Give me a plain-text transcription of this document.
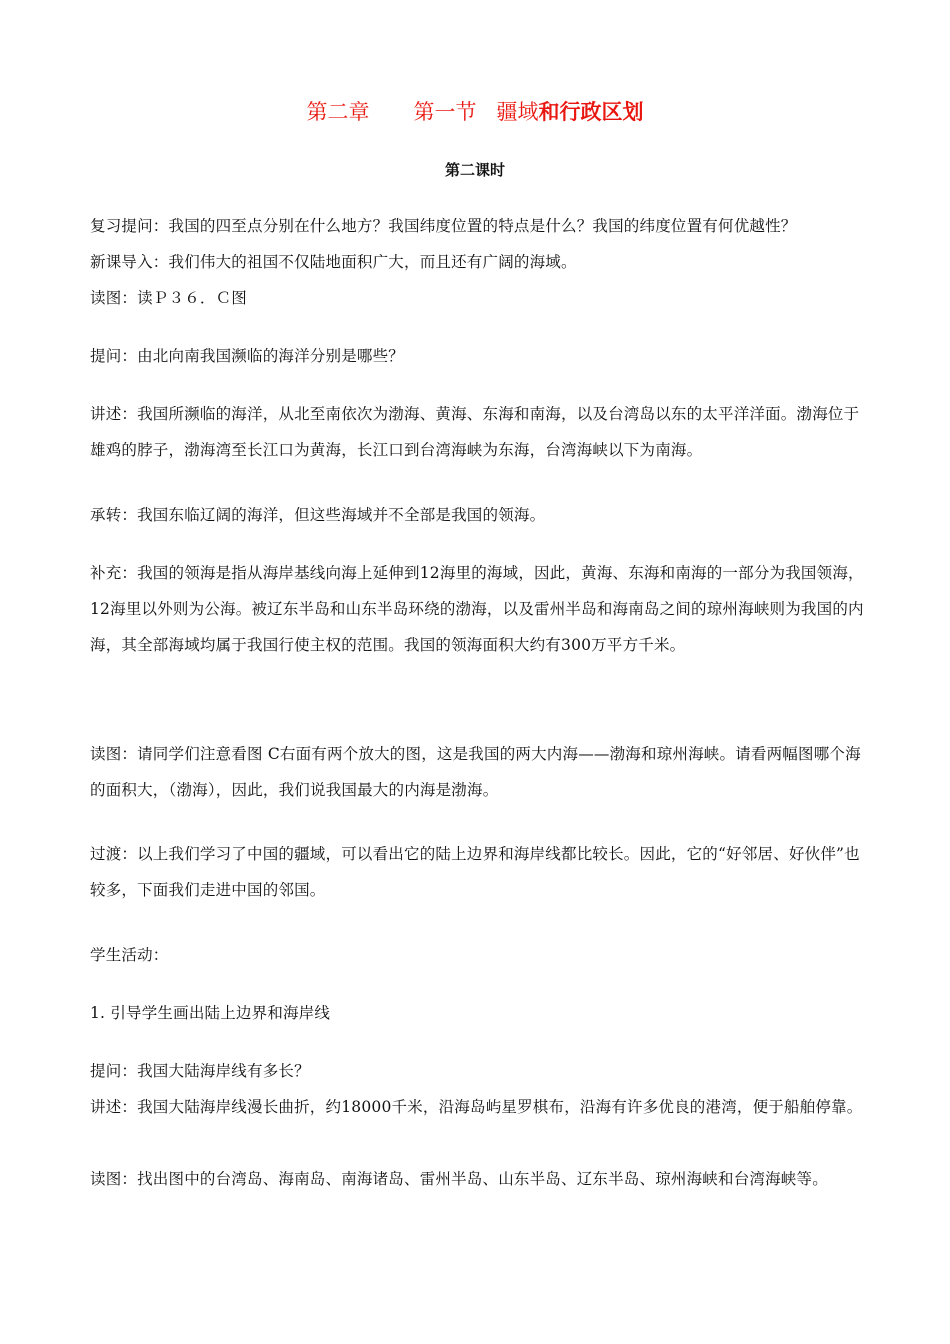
第二章 第一节 疆域和行政区划
第二课时
复习提问：我国的四至点分别在什么地方？我国纬度位置的特点是什么？我国的纬度位置有何优越性？
新课导入：我们伟大的祖国不仅陆地面积广大，而且还有广阔的海域。
读图：读Ｐ３６．Ｃ图
提问：由北向南我国濒临的海洋分别是哪些？
讲述：我国所濒临的海洋，从北至南依次为渤海、黄海、东海和南海，以及台湾岛以东的太平洋洋面。渤海位于雄鸡的脖子，渤海湾至长江口为黄海，长江口到台湾海峡为东海，台湾海峡以下为南海。
承转：我国东临辽阔的海洋，但这些海域并不全部是我国的领海。
补充：我国的领海是指从海岸基线向海上延伸到12海里的海域，因此，黄海、东海和南海的一部分为我国领海，12海里以外则为公海。被辽东半岛和山东半岛环绕的渤海，以及雷州半岛和海南岛之间的琼州海峡则为我国的内海，其全部海域均属于我国行使主权的范围。我国的领海面积大约有300万平方千米。
读图：请同学们注意看图 C右面有两个放大的图，这是我国的两大内海——渤海和琼州海峡。请看两幅图哪个海的面积大，（渤海），因此，我们说我国最大的内海是渤海。
过渡：以上我们学习了中国的疆域，可以看出它的陆上边界和海岸线都比较长。因此，它的“好邻居、好伙伴”也较多，下面我们走进中国的邻国。
学生活动：
1. 引导学生画出陆上边界和海岸线
提问：我国大陆海岸线有多长？
讲述：我国大陆海岸线漫长曲折，约18000千米，沿海岛屿星罗棋布，沿海有许多优良的港湾，便于船舶停靠。
读图：找出图中的台湾岛、海南岛、南海诸岛、雷州半岛、山东半岛、辽东半岛、琼州海峡和台湾海峡等。
